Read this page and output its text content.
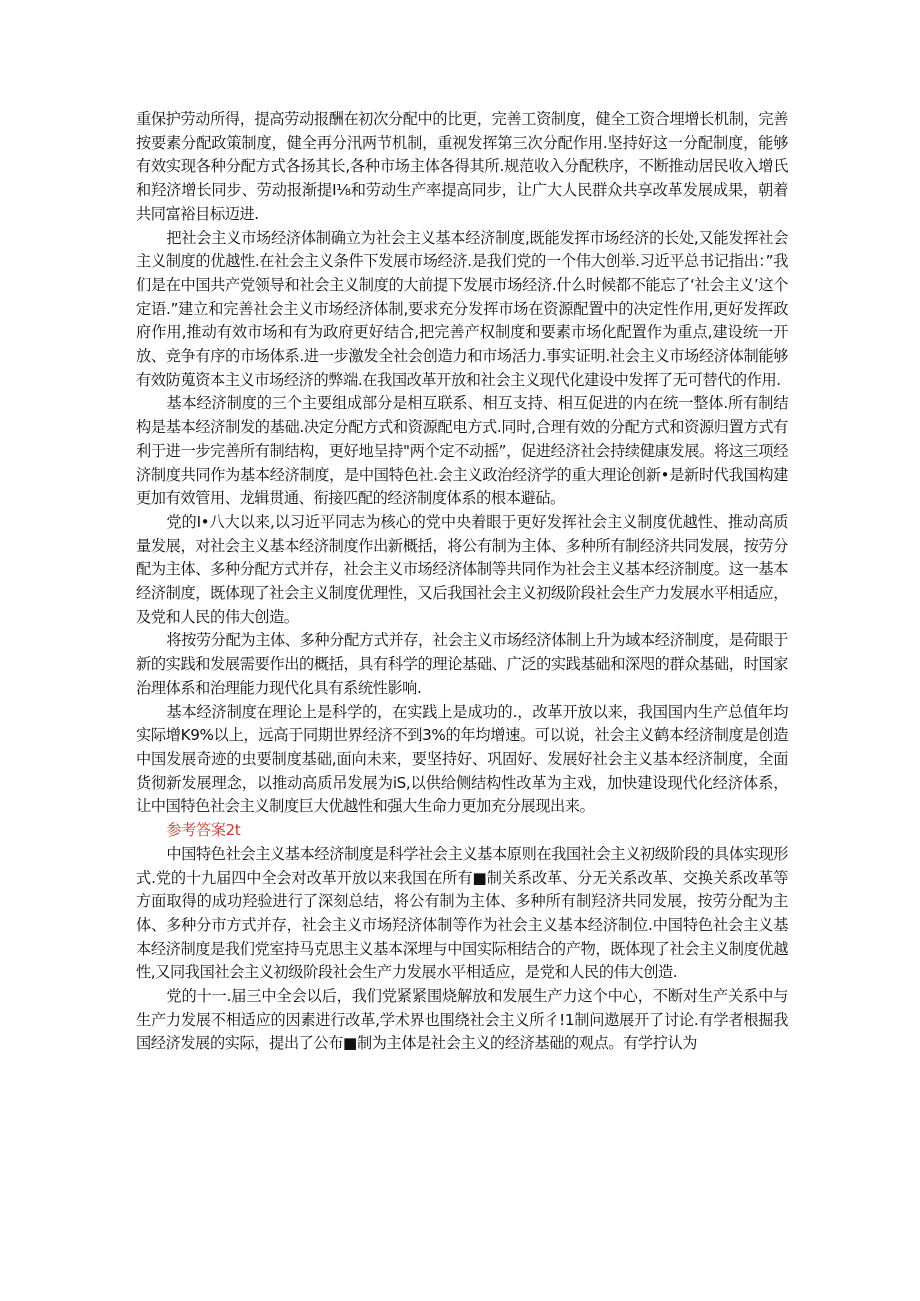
重保护劳动所得，提高劳动报酬在初次分配中的比更，完善工资制度，健全工资合埋增长机制，完善按要素分配政策制度，健全再分汛两节机制，重视发挥第三次分配作用.坚持好这一分配制度，能够有效实现各种分配方式各扬其长,各种市场主体各得其所.规范收入分配秩序，不断推动居民收入增氏和羟济增长同步、劳动报渐提I⅛和劳动生产率提高同步，让广大人民群众共享改革发展成果，朝着共同富裕目标迈进.

把社会主义市场经济体制确立为社会主义基本经济制度,既能发挥市场经济的长处,又能发挥社会主义制度的优越性.在社会主义条件下发展市场经济.是我们党的一个伟大创举.习近平总书记指出：”我们是在中国共产党领导和社会主义制度的大前提下发展市场经济.什么时候都不能忘了‘社会主义’这个定语.”建立和完善社会主义市场经济体制,要求充分发挥市场在资源配置中的决定性作用,更好发挥政府作用,推动有效市场和有为政府更好结合,把完善产权制度和要素市场化配置作为重点,建设统一开放、竞争有序的市场体系.进一步激发全社会创造力和市场活力.事实证明.社会主义市场经济体制能够有效防蒐资本主义市场经济的弊端.在我国改革开放和社会主义现代化建设中发挥了无可替代的作用.

基本经济制度的三个主要组成部分是相互联系、相互支持、相互促进的内在统一整体.所有制结构是基本经济制发的基础.决定分配方式和资源配电方式.同时,合理有效的分配方式和资源归置方式有利于进一步完善所有制结构，更好地呈持"两个定不动摇”，促进经济社会持续健康发展。将这三项经济制度共同作为基本经济制度，是中国特色社.会主义政治经济学的重大理论创新•是新时代我国构建更加有效管用、龙辑贯通、衔接匹配的经济制度体系的根本避砧。

党的I•八大以来,以习近平同志为核心的党中央着眼于更好发挥社会主义制度优越性、推动高质量发展，对社会主义基本经济制度作出新概括，将公有制为主体、多种所有制经济共同发展，按劳分配为主体、多种分配方式并存，社会主义市场经济体制等共同作为社会主义基本经济制度。这一基本经济制度，既体现了社会主义制度优理性，又后我国社会主义初级阶段社会生产力发展水平相适应，及党和人民的伟大创造。

将按劳分配为主体、多种分配方式并存，社会主义市场经济体制上升为域本经济制度，是荷眼于新的实践和发展需要作出的概括，具有科学的理论基础、广泛的实践基础和深咫的群众基础，时国家治理体系和治理能力现代化具有系统性影响.

基本经济制度在理论上是科学的，在实践上是成功的.，改革开放以来，我国国内生产总值年均实际增K9%以上，远高于同期世界经济不到3%的年均增速。可以说，社会主义鹤本经济制度是创造中国发展奇迹的虫要制度基础,面向未来，要坚持好、巩固好、发展好社会主义基本经济制度，全面货彻新发展理念，以推动高质吊发展为iS,以供给侧结构性改革为主戏，加快建设现代化经济体系，让中国特色社会主义制度巨大优越性和强大生命力更加充分展现出来。

参考答案2t

中国特色社会主义基本经济制度是科学社会主义基本原则在我国社会主义初级阶段的具体实现形式.党的十九届四中全会对改革开放以来我国在所有■制关系改革、分无关系改革、交换关系改革等方面取得的成功羟验进行了深刻总结，将公有制为主体、多种所有制羟济共同发展，按劳分配为主体、多种分市方式并存，社会主义市场羟济体制等作为社会主义基本经济制位.中国特色社会主义基本经济制度是我们党室持马克思主义基本深埋与中国实际相结合的产物，既体现了社会主义制度优越性,又同我国社会主义初级阶段社会生产力发展水平相适应，是党和人民的伟大创造.

党的十一.届三中全会以后，我们党紧紧围烧解放和发展生产力这个中心，不断对生产关系中与生产力发展不相适应的因素进行改革,学术界也围绕社会主义所彳!1制问遨展开了讨论.有学者根掘我国经济发展的实际，提出了公布■制为主体是社会主义的经济基础的观点。有学拧认为
